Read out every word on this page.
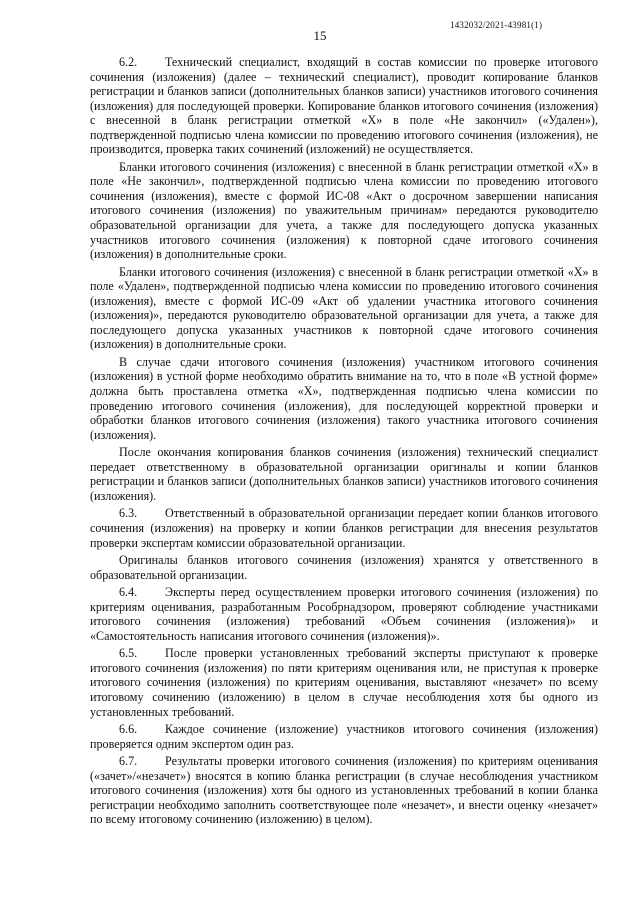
15
1432032/2021-43981(1)

6.2. Технический специалист, входящий в состав комиссии по проверке итогового сочинения (изложения) (далее – технический специалист), проводит копирование бланков регистрации и бланков записи (дополнительных бланков записи) участников итогового сочинения (изложения) для последующей проверки. Копирование бланков итогового сочинения (изложения) с внесенной в бланк регистрации отметкой «Х» в поле «Не закончил» («Удален»), подтвержденной подписью члена комиссии по проведению итогового сочинения (изложения), не производится, проверка таких сочинений (изложений) не осуществляется.

Бланки итогового сочинения (изложения) с внесенной в бланк регистрации отметкой «Х» в поле «Не закончил», подтвержденной подписью члена комиссии по проведению итогового сочинения (изложения), вместе с формой ИС-08 «Акт о досрочном завершении написания итогового сочинения (изложения) по уважительным причинам» передаются руководителю образовательной организации для учета, а также для последующего допуска указанных участников итогового сочинения (изложения) к повторной сдаче итогового сочинения (изложения) в дополнительные сроки.

Бланки итогового сочинения (изложения) с внесенной в бланк регистрации отметкой «Х» в поле «Удален», подтвержденной подписью члена комиссии по проведению итогового сочинения (изложения), вместе с формой ИС-09 «Акт об удалении участника итогового сочинения (изложения)», передаются руководителю образовательной организации для учета, а также для последующего допуска указанных участников к повторной сдаче итогового сочинения (изложения) в дополнительные сроки.

В случае сдачи итогового сочинения (изложения) участником итогового сочинения (изложения) в устной форме необходимо обратить внимание на то, что в поле «В устной форме» должна быть проставлена отметка «Х», подтвержденная подписью члена комиссии по проведению итогового сочинения (изложения), для последующей корректной проверки и обработки бланков итогового сочинения (изложения) такого участника итогового сочинения (изложения).

После окончания копирования бланков сочинения (изложения) технический специалист передает ответственному в образовательной организации оригиналы и копии бланков регистрации и бланков записи (дополнительных бланков записи) участников итогового сочинения (изложения).

6.3. Ответственный в образовательной организации передает копии бланков итогового сочинения (изложения) на проверку и копии бланков регистрации для внесения результатов проверки экспертам комиссии образовательной организации.

Оригиналы бланков итогового сочинения (изложения) хранятся у ответственного в образовательной организации.

6.4. Эксперты перед осуществлением проверки итогового сочинения (изложения) по критериям оценивания, разработанным Рособрнадзором, проверяют соблюдение участниками итогового сочинения (изложения) требований «Объем сочинения (изложения)» и «Самостоятельность написания итогового сочинения (изложения)».

6.5. После проверки установленных требований эксперты приступают к проверке итогового сочинения (изложения) по пяти критериям оценивания или, не приступая к проверке итогового сочинения (изложения) по критериям оценивания, выставляют «незачет» по всему итоговому сочинению (изложению) в целом в случае несоблюдения хотя бы одного из установленных требований.

6.6. Каждое сочинение (изложение) участников итогового сочинения (изложения) проверяется одним экспертом один раз.

6.7. Результаты проверки итогового сочинения (изложения) по критериям оценивания («зачет»/«незачет») вносятся в копию бланка регистрации (в случае несоблюдения участником итогового сочинения (изложения) хотя бы одного из установленных требований в копии бланка регистрации необходимо заполнить соответствующее поле «незачет», и внести оценку «незачет» по всему итоговому сочинению (изложению) в целом).
